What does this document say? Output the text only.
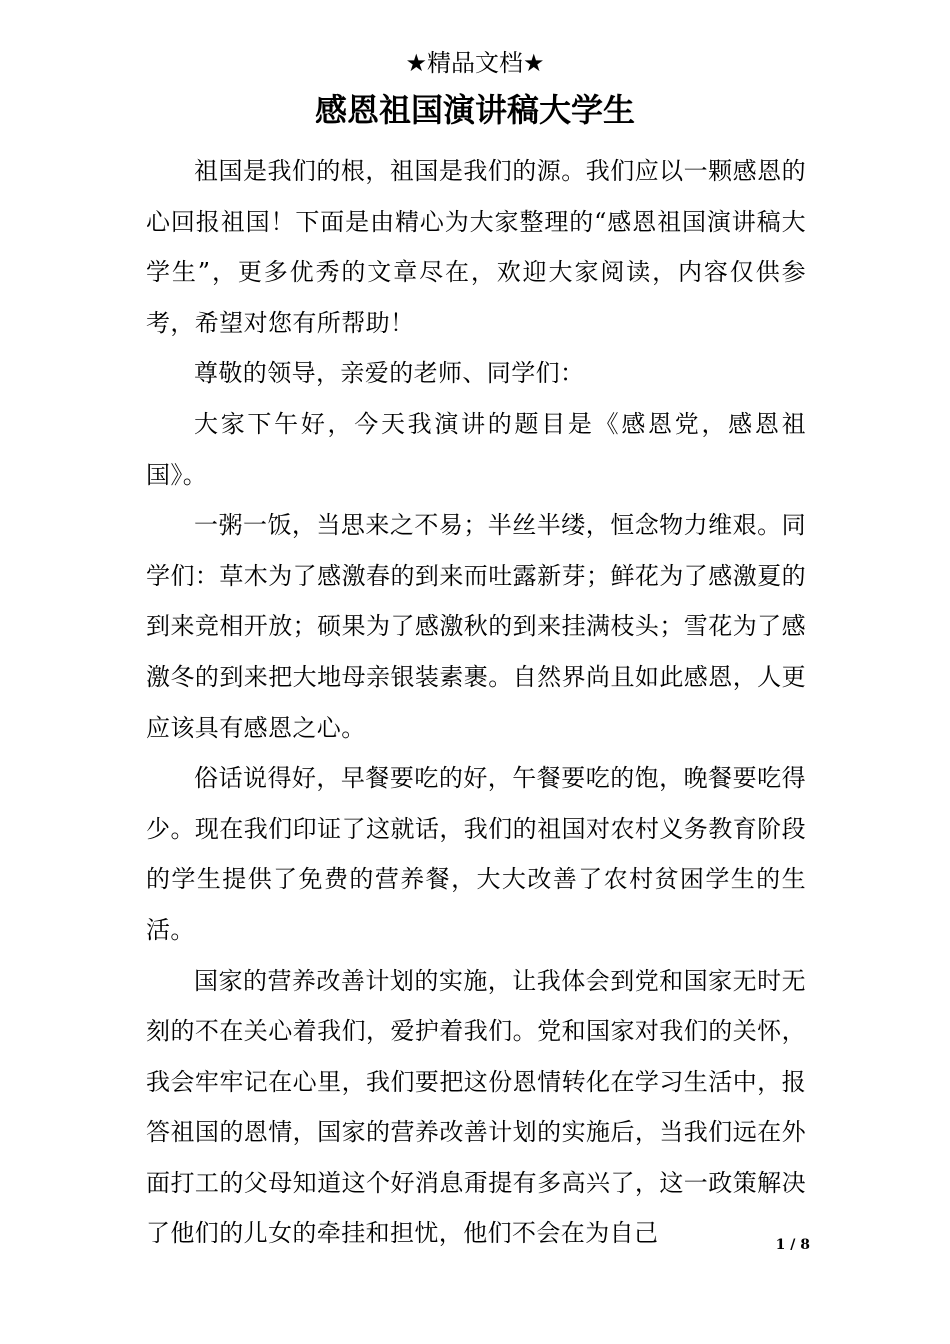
★精品文档★
感恩祖国演讲稿大学生

祖国是我们的根，祖国是我们的源。我们应以一颗感恩的心回报祖国！下面是由精心为大家整理的“感恩祖国演讲稿大学生”，更多优秀的文章尽在，欢迎大家阅读，内容仅供参考，希望对您有所帮助！

尊敬的领导，亲爱的老师、同学们：

大家下午好，今天我演讲的题目是《感恩党，感恩祖国》。

一粥一饭，当思来之不易；半丝半缕，恒念物力维艰。同学们：草木为了感激春的到来而吐露新芽；鲜花为了感激夏的到来竞相开放；硕果为了感激秋的到来挂满枝头；雪花为了感激冬的到来把大地母亲银装素裹。自然界尚且如此感恩，人更应该具有感恩之心。

俗话说得好，早餐要吃的好，午餐要吃的饱，晚餐要吃得少。现在我们印证了这就话，我们的祖国对农村义务教育阶段的学生提供了免费的营养餐，大大改善了农村贫困学生的生活。

国家的营养改善计划的实施，让我体会到党和国家无时无刻的不在关心着我们，爱护着我们。党和国家对我们的关怀，我会牢牢记在心里，我们要把这份恩情转化在学习生活中，报答祖国的恩情，国家的营养改善计划的实施后，当我们远在外面打工的父母知道这个好消息甭提有多高兴了，这一政策解决了他们的儿女的牵挂和担忧，他们不会在为自己	1 / 8
